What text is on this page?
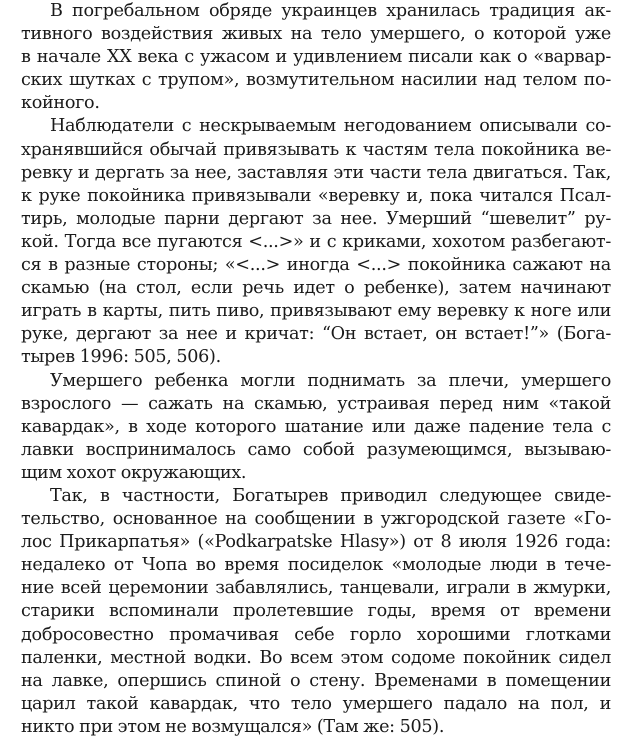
В погребальном обряде украинцев хранилась традиция ак-
тивного воздействия живых на тело умершего, о которой уже
в начале XX века с ужасом и удивлением писали как о «варвар-
ских шутках с трупом», возмутительном насилии над телом по-
койного.
Наблюдатели с нескрываемым негодованием описывали со-
хранявшийся обычай привязывать к частям тела покойника ве-
ревку и дергать за нее, заставляя эти части тела двигаться. Так,
к руке покойника привязывали «веревку и, пока читался Псал-
тирь, молодые парни дергают за нее. Умерший “шевелит” ру-
кой. Тогда все пугаются <...>» и с криками, хохотом разбегают-
ся в разные стороны; «<...> иногда <...> покойника сажают на
скамью (на стол, если речь идет о ребенке), затем начинают
играть в карты, пить пиво, привязывают ему веревку к ноге или
руке, дергают за нее и кричат: “Он встает, он встает!”» (Бога-
тырев 1996: 505, 506).
Умершего ребенка могли поднимать за плечи, умершего
взрослого — сажать на скамью, устраивая перед ним «такой
кавардак», в ходе которого шатание или даже падение тела с
лавки воспринималось само собой разумеющимся, вызываю-
щим хохот окружающих.
Так, в частности, Богатырев приводил следующее свиде-
тельство, основанное на сообщении в ужгородской газете «Го-
лос Прикарпатья» («Podkarpatske Hlasy») от 8 июля 1926 года:
недалеко от Чопа во время посиделок «молодые люди в тече-
ние всей церемонии забавлялись, танцевали, играли в жмурки,
старики вспоминали пролетевшие годы, время от времени
добросовестно промачивая себе горло хорошими глотками
паленки, местной водки. Во всем этом содоме покойник сидел
на лавке, опершись спиной о стену. Временами в помещении
царил такой кавардак, что тело умершего падало на пол, и
никто при этом не возмущался» (Там же: 505).
